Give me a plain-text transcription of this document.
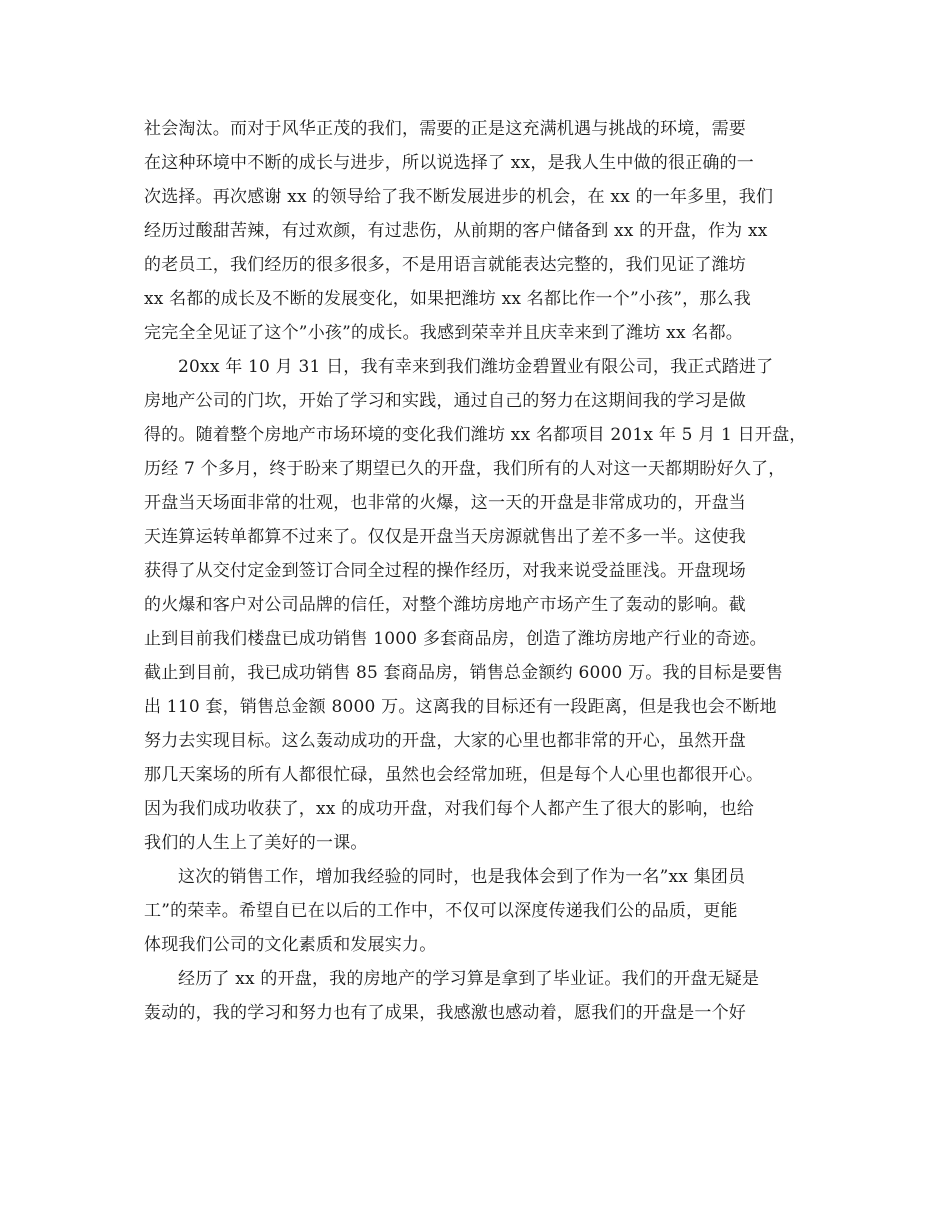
社会淘汰。而对于风华正茂的我们，需要的正是这充满机遇与挑战的环境，需要
在这种环境中不断的成长与进步，所以说选择了 xx，是我人生中做的很正确的一
次选择。再次感谢 xx 的领导给了我不断发展进步的机会，在 xx 的一年多里，我们
经历过酸甜苦辣，有过欢颜，有过悲伤，从前期的客户储备到 xx 的开盘，作为 xx
的老员工，我们经历的很多很多，不是用语言就能表达完整的，我们见证了潍坊
xx 名都的成长及不断的发展变化，如果把潍坊 xx 名都比作一个”小孩”，那么我
完完全全见证了这个”小孩”的成长。我感到荣幸并且庆幸来到了潍坊 xx 名都。
20xx 年 10 月 31 日，我有幸来到我们潍坊金碧置业有限公司，我正式踏进了
房地产公司的门坎，开始了学习和实践，通过自己的努力在这期间我的学习是做
得的。随着整个房地产市场环境的变化我们潍坊 xx 名都项目 201x 年 5 月 1 日开盘，
历经 7 个多月，终于盼来了期望已久的开盘，我们所有的人对这一天都期盼好久了，
开盘当天场面非常的壮观，也非常的火爆，这一天的开盘是非常成功的，开盘当
天连算运转单都算不过来了。仅仅是开盘当天房源就售出了差不多一半。这使我
获得了从交付定金到签订合同全过程的操作经历，对我来说受益匪浅。开盘现场
的火爆和客户对公司品牌的信任，对整个潍坊房地产市场产生了轰动的影响。截
止到目前我们楼盘已成功销售 1000 多套商品房，创造了潍坊房地产行业的奇迹。
截止到目前，我已成功销售 85 套商品房，销售总金额约 6000 万。我的目标是要售
出 110 套，销售总金额 8000 万。这离我的目标还有一段距离，但是我也会不断地
努力去实现目标。这么轰动成功的开盘，大家的心里也都非常的开心，虽然开盘
那几天案场的所有人都很忙碌，虽然也会经常加班，但是每个人心里也都很开心。
因为我们成功收获了，xx 的成功开盘，对我们每个人都产生了很大的影响，也给
我们的人生上了美好的一课。
这次的销售工作，增加我经验的同时，也是我体会到了作为一名”xx 集团员
工”的荣幸。希望自已在以后的工作中，不仅可以深度传递我们公的品质，更能
体现我们公司的文化素质和发展实力。
经历了 xx 的开盘，我的房地产的学习算是拿到了毕业证。我们的开盘无疑是
轰动的，我的学习和努力也有了成果，我感激也感动着，愿我们的开盘是一个好
